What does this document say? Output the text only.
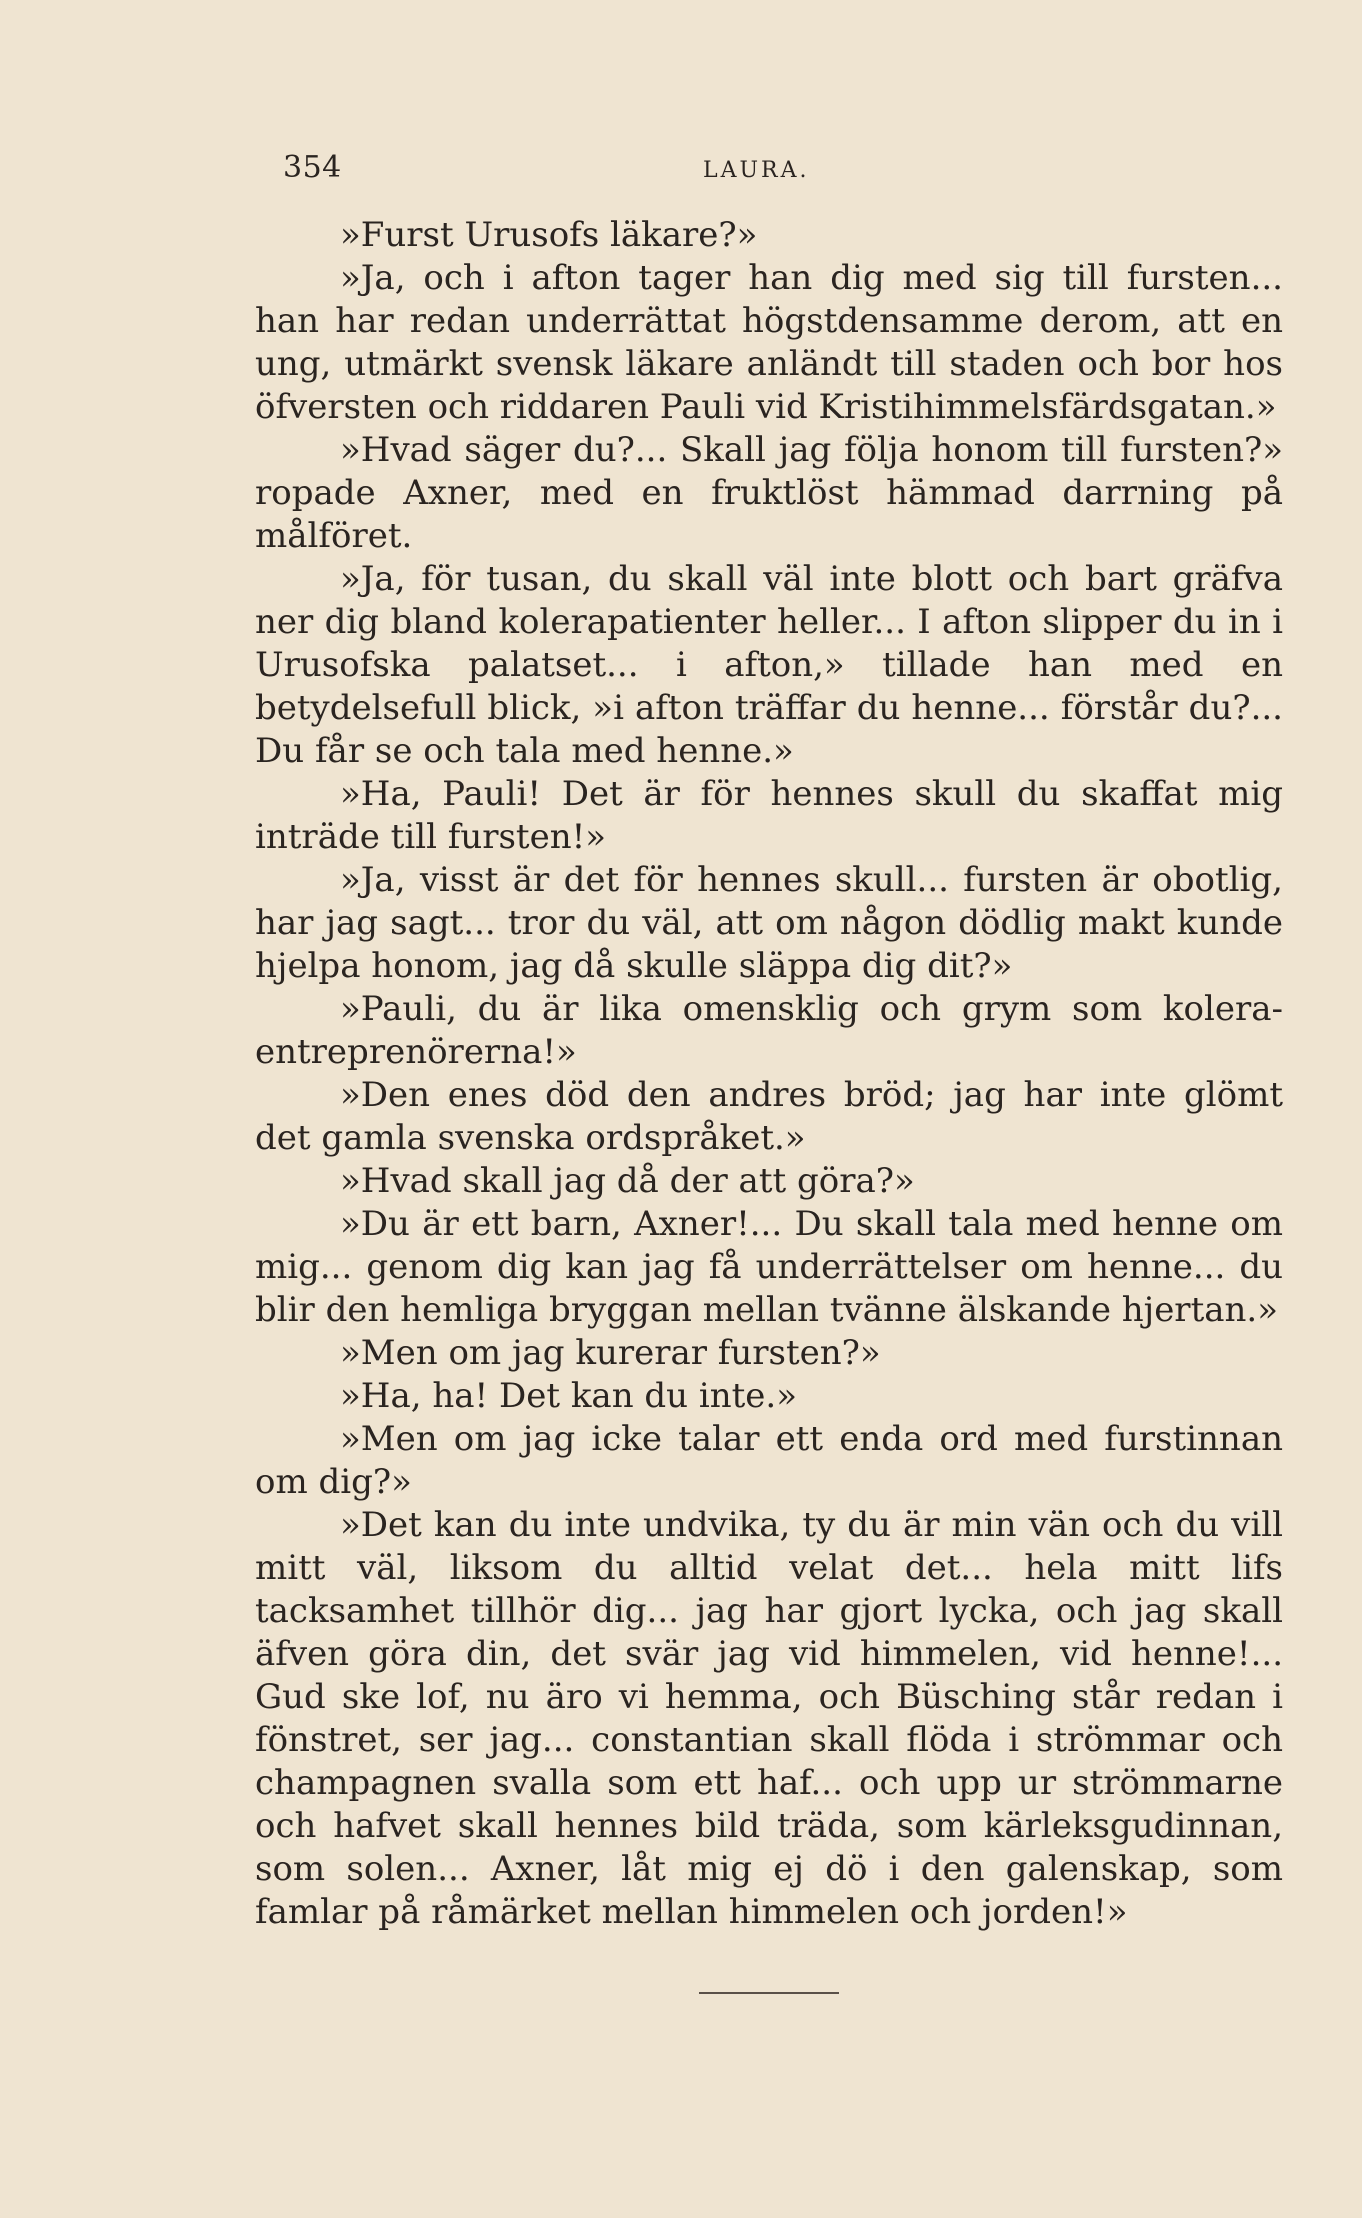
354	LAURA.

»Furst Urusofs läkare?»

»Ja, och i afton tager han dig med sig till fursten... han har redan underrättat högstdensamme derom, att en ung, utmärkt svensk läkare anländt till staden och bor hos öfversten och riddaren Pauli vid Kristihimmelsfärdsgatan.»

»Hvad säger du?... Skall jag följa honom till fursten?» ropade Axner, med en fruktlöst hämmad darrning på målföret.

»Ja, för tusan, du skall väl inte blott och bart gräfva ner dig bland kolerapatienter heller... I afton slipper du in i Urusofska palatset... i afton,» tillade han med en betydelsefull blick, »i afton träffar du henne... förstår du?... Du får se och tala med henne.»

»Ha, Pauli! Det är för hennes skull du skaffat mig inträde till fursten!»

»Ja, visst är det för hennes skull... fursten är obotlig, har jag sagt... tror du väl, att om någon dödlig makt kunde hjelpa honom, jag då skulle släppa dig dit?»

»Pauli, du är lika omensklig och grym som kolera-entreprenörerna!»

»Den enes död den andres bröd; jag har inte glömt det gamla svenska ordspråket.»

»Hvad skall jag då der att göra?»

»Du är ett barn, Axner!... Du skall tala med henne om mig... genom dig kan jag få underrättelser om henne... du blir den hemliga bryggan mellan tvänne älskande hjertan.»

»Men om jag kurerar fursten?»

»Ha, ha! Det kan du inte.»

»Men om jag icke talar ett enda ord med furstinnan om dig?»

»Det kan du inte undvika, ty du är min vän och du vill mitt väl, liksom du alltid velat det... hela mitt lifs tacksamhet tillhör dig... jag har gjort lycka, och jag skall äfven göra din, det svär jag vid himmelen, vid henne!... Gud ske lof, nu äro vi hemma, och Büsching står redan i fönstret, ser jag... constantian skall flöda i strömmar och champagnen svalla som ett haf... och upp ur strömmarne och hafvet skall hennes bild träda, som kärleksgudinnan, som solen... Axner, låt mig ej dö i den galenskap, som famlar på råmärket mellan himmelen och jorden!»
